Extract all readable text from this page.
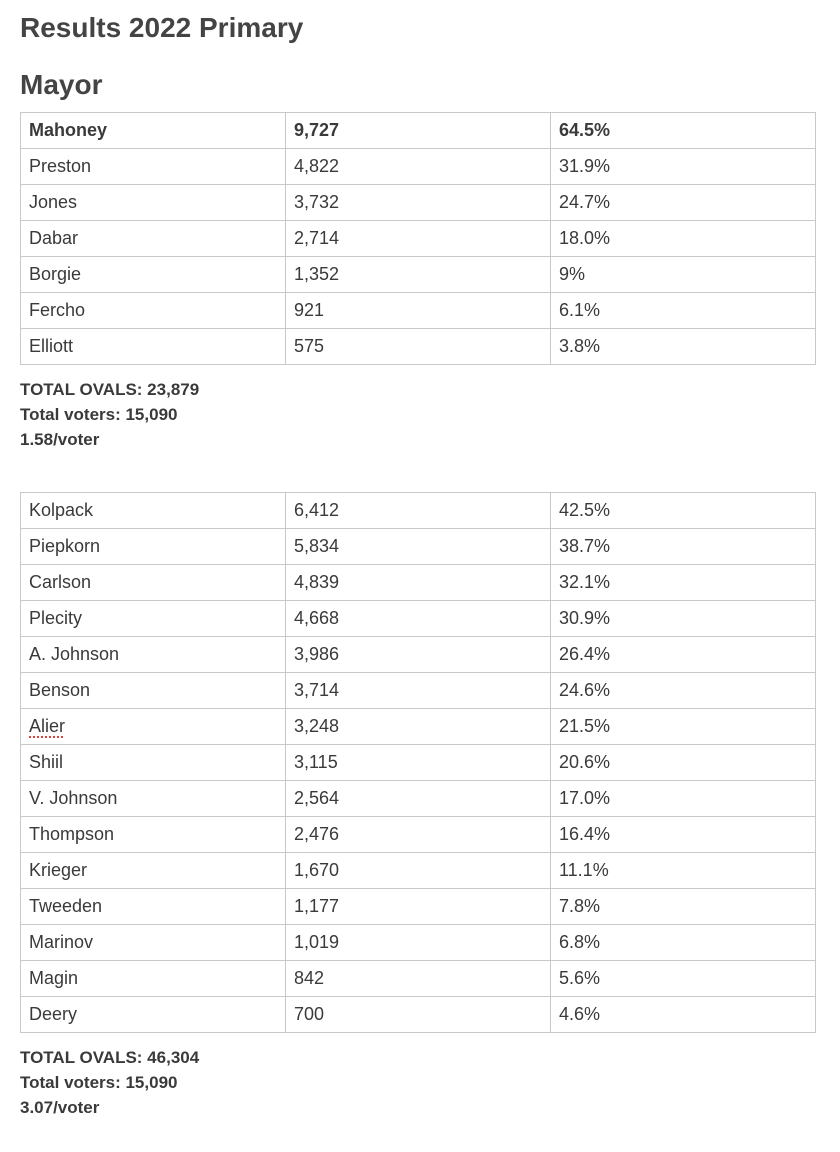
Results 2022 Primary
Mayor
Mahoney	9,727	64.5%
Preston	4,822	31.9%
Jones	3,732	24.7%
Dabar	2,714	18.0%
Borgie	1,352	9%
Fercho	921	6.1%
Elliott	575	3.8%
TOTAL OVALS: 23,879
Total voters: 15,090
1.58/voter
Kolpack	6,412	42.5%
Piepkorn	5,834	38.7%
Carlson	4,839	32.1%
Plecity	4,668	30.9%
A. Johnson	3,986	26.4%
Benson	3,714	24.6%
Alier	3,248	21.5%
Shiil	3,115	20.6%
V. Johnson	2,564	17.0%
Thompson	2,476	16.4%
Krieger	1,670	11.1%
Tweeden	1,177	7.8%
Marinov	1,019	6.8%
Magin	842	5.6%
Deery	700	4.6%
TOTAL OVALS: 46,304
Total voters: 15,090
3.07/voter
